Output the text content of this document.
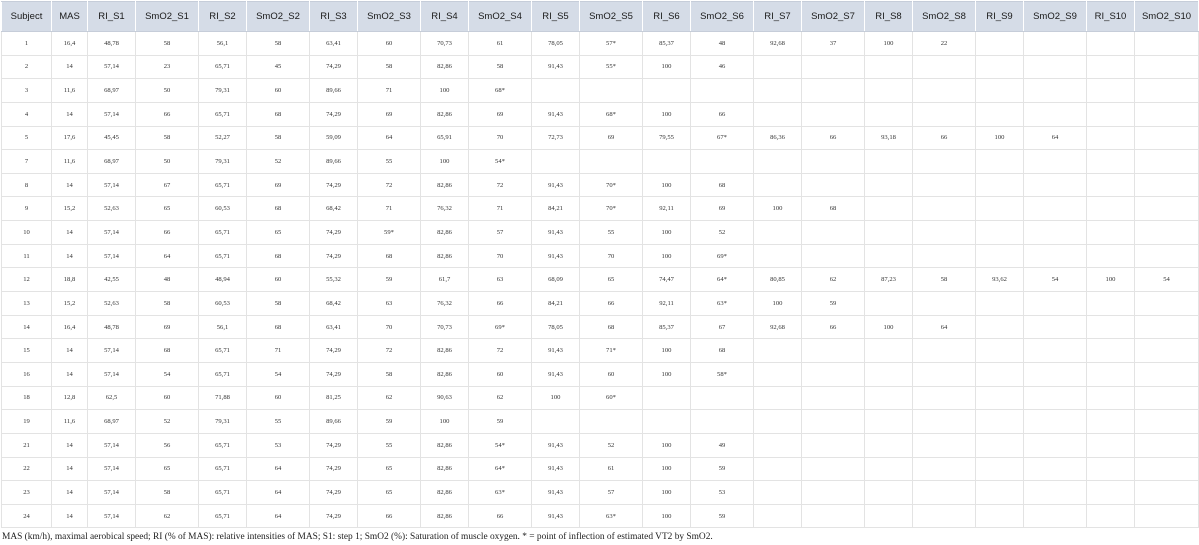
Subject	MAS	RI_S1	SmO2_S1	RI_S2	SmO2_S2	RI_S3	SmO2_S3	RI_S4	SmO2_S4	RI_S5	SmO2_S5	RI_S6	SmO2_S6	RI_S7	SmO2_S7	RI_S8	SmO2_S8	RI_S9	SmO2_S9	RI_S10	SmO2_S10
1	16,4	48,78	58	56,1	58	63,41	60	70,73	61	78,05	57*	85,37	48	92,68	37	100	22				
2	14	57,14	23	65,71	45	74,29	58	82,86	58	91,43	55*	100	46								
3	11,6	68,97	50	79,31	60	89,66	71	100	68*												
4	14	57,14	66	65,71	68	74,29	69	82,86	69	91,43	68*	100	66								
5	17,6	45,45	58	52,27	58	59,09	64	65,91	70	72,73	69	79,55	67*	86,36	66	93,18	66	100	64		
7	11,6	68,97	50	79,31	52	89,66	55	100	54*												
8	14	57,14	67	65,71	69	74,29	72	82,86	72	91,43	70*	100	68								
9	15,2	52,63	65	60,53	68	68,42	71	76,32	71	84,21	70*	92,11	69	100	68						
10	14	57,14	66	65,71	65	74,29	59*	82,86	57	91,43	55	100	52								
11	14	57,14	64	65,71	68	74,29	68	82,86	70	91,43	70	100	69*								
12	18,8	42,55	48	48,94	60	55,32	59	61,7	63	68,09	65	74,47	64*	80,85	62	87,23	58	93,62	54	100	54
13	15,2	52,63	58	60,53	58	68,42	63	76,32	66	84,21	66	92,11	63*	100	59						
14	16,4	48,78	69	56,1	68	63,41	70	70,73	69*	78,05	68	85,37	67	92,68	66	100	64				
15	14	57,14	68	65,71	71	74,29	72	82,86	72	91,43	71*	100	68								
16	14	57,14	54	65,71	54	74,29	58	82,86	60	91,43	60	100	58*								
18	12,8	62,5	60	71,88	60	81,25	62	90,63	62	100	60*										
19	11,6	68,97	52	79,31	55	89,66	59	100	59												
21	14	57,14	56	65,71	53	74,29	55	82,86	54*	91,43	52	100	49								
22	14	57,14	65	65,71	64	74,29	65	82,86	64*	91,43	61	100	59								
23	14	57,14	58	65,71	64	74,29	65	82,86	63*	91,43	57	100	53								
24	14	57,14	62	65,71	64	74,29	66	82,86	66	91,43	63*	100	59								
MAS (km/h), maximal aerobical speed; RI (% of MAS): relative intensities of MAS; S1: step 1; SmO2 (%): Saturation of muscle oxygen. * = point of inflection of estimated VT2 by SmO2.
